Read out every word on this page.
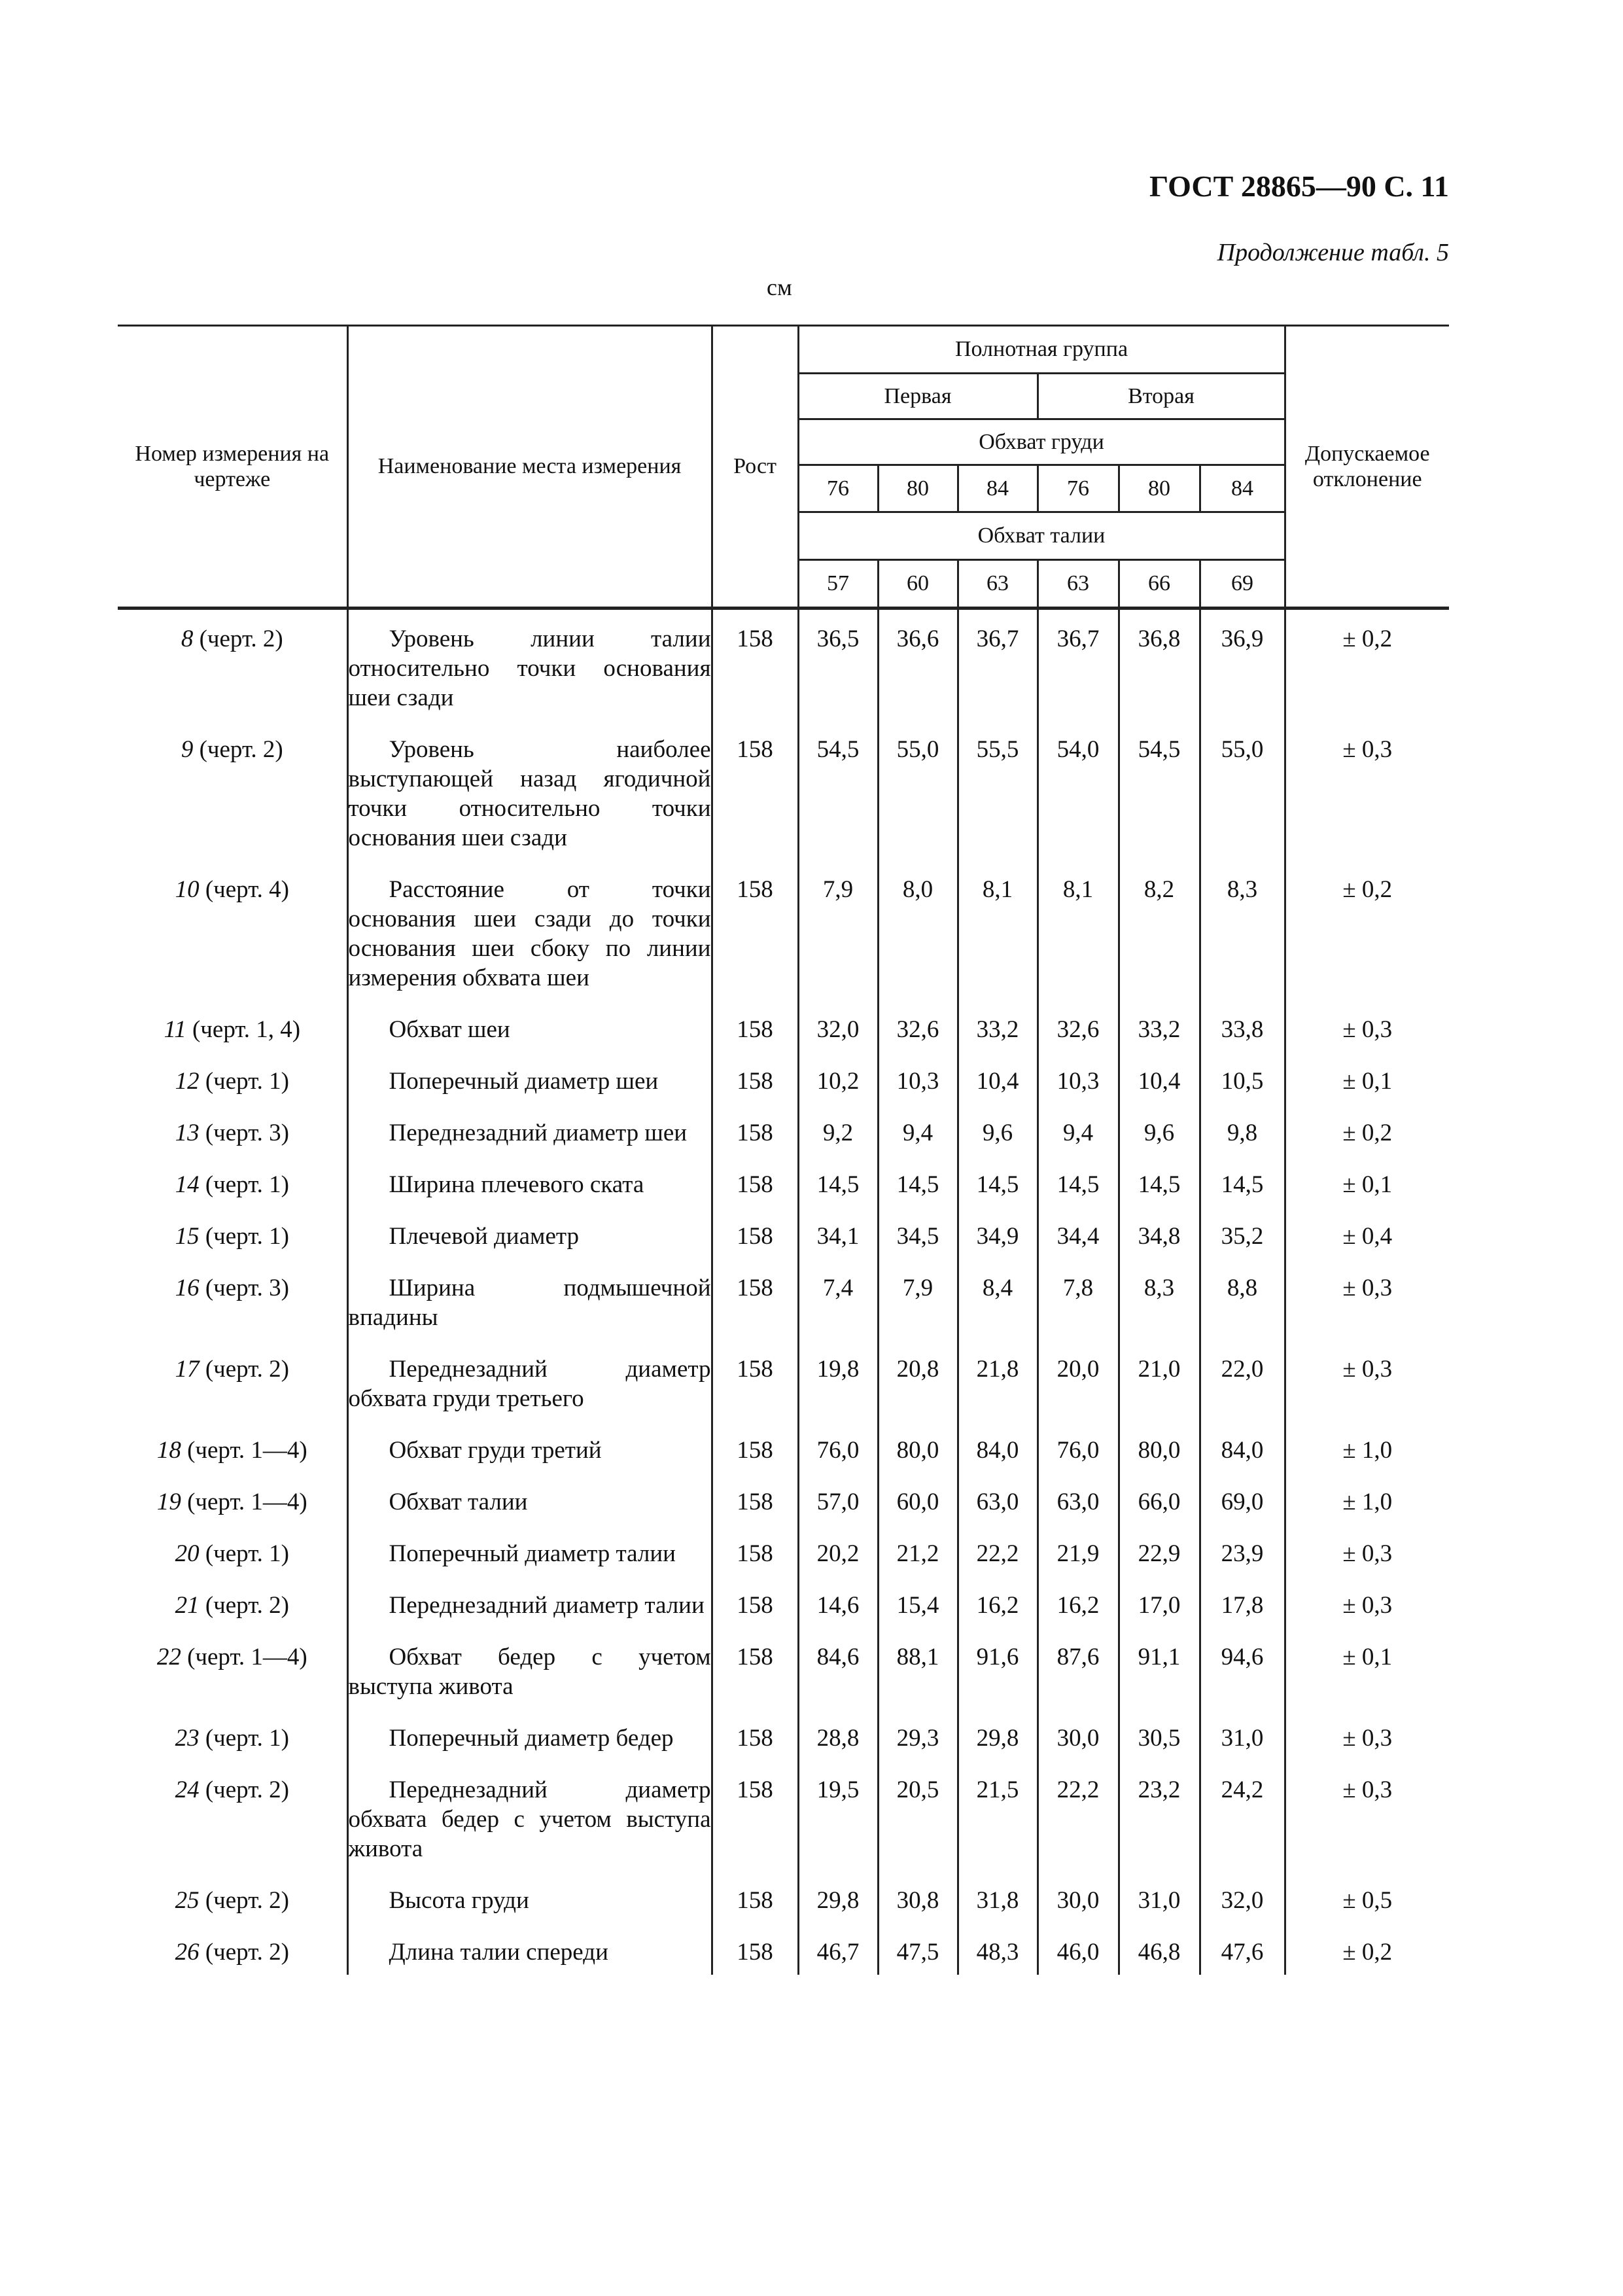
ГОСТ 28865—90 С. 11
Продолжение табл. 5
см
Номер измерения на чертеже	Наименование места измерения	Рост	Полнотная группа						Допускаемое отклонение
			Первая			Вторая			
			Обхват груди						
			76	80	84	76	80	84	
			Обхват талии						
			57	60	63	63	66	69	
8 (черт. 2)	Уровень линии талии относительно точки основания шеи сзади	158	36,5	36,6	36,7	36,7	36,8	36,9	± 0,2
9 (черт. 2)	Уровень наиболее выступающей назад ягодичной точки относительно точки основания шеи сзади	158	54,5	55,0	55,5	54,0	54,5	55,0	± 0,3
10 (черт. 4)	Расстояние от точки основания шеи сзади до точки основания шеи сбоку по линии измерения обхвата шеи	158	7,9	8,0	8,1	8,1	8,2	8,3	± 0,2
11 (черт. 1, 4)	Обхват шеи	158	32,0	32,6	33,2	32,6	33,2	33,8	± 0,3
12 (черт. 1)	Поперечный диаметр шеи	158	10,2	10,3	10,4	10,3	10,4	10,5	± 0,1
13 (черт. 3)	Переднезадний диаметр шеи	158	9,2	9,4	9,6	9,4	9,6	9,8	± 0,2
14 (черт. 1)	Ширина плечевого ската	158	14,5	14,5	14,5	14,5	14,5	14,5	± 0,1
15 (черт. 1)	Плечевой диаметр	158	34,1	34,5	34,9	34,4	34,8	35,2	± 0,4
16 (черт. 3)	Ширина подмышечной впадины	158	7,4	7,9	8,4	7,8	8,3	8,8	± 0,3
17 (черт. 2)	Переднезадний диаметр обхвата груди третьего	158	19,8	20,8	21,8	20,0	21,0	22,0	± 0,3
18 (черт. 1—4)	Обхват груди третий	158	76,0	80,0	84,0	76,0	80,0	84,0	± 1,0
19 (черт. 1—4)	Обхват талии	158	57,0	60,0	63,0	63,0	66,0	69,0	± 1,0
20 (черт. 1)	Поперечный диаметр талии	158	20,2	21,2	22,2	21,9	22,9	23,9	± 0,3
21 (черт. 2)	Переднезадний диаметр талии	158	14,6	15,4	16,2	16,2	17,0	17,8	± 0,3
22 (черт. 1—4)	Обхват бедер с учетом выступа живота	158	84,6	88,1	91,6	87,6	91,1	94,6	± 0,1
23 (черт. 1)	Поперечный диаметр бедер	158	28,8	29,3	29,8	30,0	30,5	31,0	± 0,3
24 (черт. 2)	Переднезадний диаметр обхвата бедер с учетом выступа живота	158	19,5	20,5	21,5	22,2	23,2	24,2	± 0,3
25 (черт. 2)	Высота груди	158	29,8	30,8	31,8	30,0	31,0	32,0	± 0,5
26 (черт. 2)	Длина талии спереди	158	46,7	47,5	48,3	46,0	46,8	47,6	± 0,2
